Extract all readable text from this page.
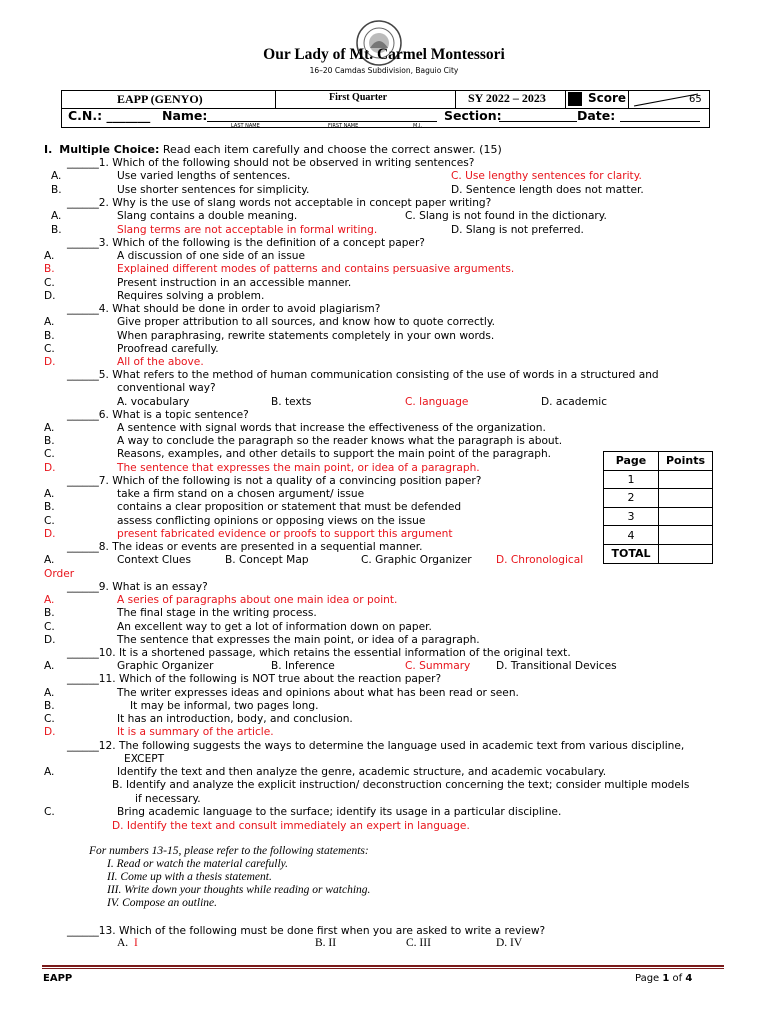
Our Lady of Mt. Carmel Montessori
16–20 Camdas Subdivision, Baguio City
EAPP (GENYO)	First Quarter	SY 2022 – 2023	Score	65
C.N.: _______ Name:	Section:	Date:
LAST NAME	FIRST NAME	M.I.
I. Multiple Choice: Read each item carefully and choose the correct answer. (15)
______1. Which of the following should not be observed in writing sentences?
A.	Use varied lengths of sentences.	C. Use lengthy sentences for clarity.
B.	Use shorter sentences for simplicity.	D. Sentence length does not matter.
______2. Why is the use of slang words not acceptable in concept paper writing?
A.	Slang contains a double meaning.	C. Slang is not found in the dictionary.
B.	Slang terms are not acceptable in formal writing.	D. Slang is not preferred.
______3. Which of the following is the definition of a concept paper?
A.	A discussion of one side of an issue
B.	Explained different modes of patterns and contains persuasive arguments.
C.	Present instruction in an accessible manner.
D.	Requires solving a problem.
______4. What should be done in order to avoid plagiarism?
A.	Give proper attribution to all sources, and know how to quote correctly.
B.	When paraphrasing, rewrite statements completely in your own words.
C.	Proofread carefully.
D.	All of the above.
______5. What refers to the method of human communication consisting of the use of words in a structured and
conventional way?
A. vocabulary	B. texts	C. language	D. academic
______6. What is a topic sentence?
A.	A sentence with signal words that increase the effectiveness of the organization.
B.	A way to conclude the paragraph so the reader knows what the paragraph is about.
C.	Reasons, examples, and other details to support the main point of the paragraph.
D.	The sentence that expresses the main point, or idea of a paragraph.
______7. Which of the following is not a quality of a convincing position paper?
A.	take a firm stand on a chosen argument/ issue
B.	contains a clear proposition or statement that must be defended
C.	assess conflicting opinions or opposing views on the issue
D.	present fabricated evidence or proofs to support this argument
______8. The ideas or events are presented in a sequential manner.
A.	Context Clues	B. Concept Map	C. Graphic Organizer D. Chronological
Order
______9. What is an essay?
A.	A series of paragraphs about one main idea or point.
B.	The final stage in the writing process.
C.	An excellent way to get a lot of information down on paper.
D.	The sentence that expresses the main point, or idea of a paragraph.
______10. It is a shortened passage, which retains the essential information of the original text.
A.	Graphic Organizer	B. Inference	C. Summary D. Transitional Devices
______11. Which of the following is NOT true about the reaction paper?
A.	The writer expresses ideas and opinions about what has been read or seen.
B.	It may be informal, two pages long.
C.	It has an introduction, body, and conclusion.
D.	It is a summary of the article.
______12. The following suggests the ways to determine the language used in academic text from various discipline,
EXCEPT
A.	Identify the text and then analyze the genre, academic structure, and academic vocabulary.
B. Identify and analyze the explicit instruction/ deconstruction concerning the text; consider multiple models
if necessary.
C.	Bring academic language to the surface; identify its usage in a particular discipline.
D. Identify the text and consult immediately an expert in language.
For numbers 13-15, please refer to the following statements:
I. Read or watch the material carefully.
II. Come up with a thesis statement.
III. Write down your thoughts while reading or watching.
IV. Compose an outline.
______13. Which of the following must be done first when you are asked to write a review?
A. I	B. II	C. III	D. IV
Page	Points
1	
2	
3	
4	
TOTAL	
EAPP	Page 1 of 4
